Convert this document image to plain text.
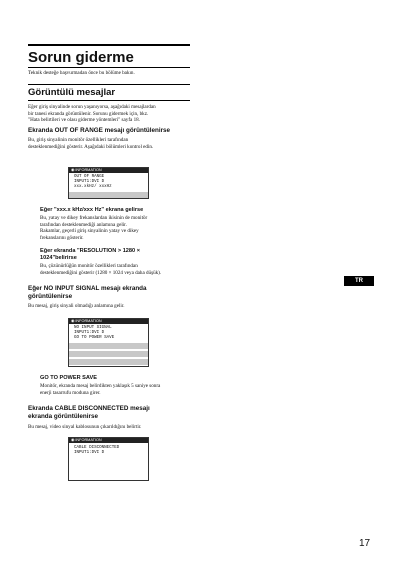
Sorun giderme

Teknik desteğe başvurmadan önce bu bölüme bakın.

Görüntülü mesajlar

Eğer giriş sinyalinde sorun yaşanıyorsa, aşağıdaki mesajlardan
bir tanesi ekranda görüntülenir. Sorunu gidermek için, bkz.
"Hata belirtileri ve olası giderme yöntemleri" sayfa 18.

Ekranda OUT OF RANGE mesajı görüntülenirse

Bu, giriş sinyalinin monitör özellikleri tarafından
desteklenmediğini gösterir. Aşağıdaki bölümleri kontrol edin.

◉ INFORMATION
OUT OF RANGE
INPUT1:DVI D
xxx.xkHz/ xxxHz
Eğer "xxx.x kHz/xxx Hz" ekrana gelirse

Bu, yatay ve dikey frekanslardan ikisinin de monitör
tarafından desteklenmediği anlamına gelir.
Rakamlar, geçerli giriş sinyalinin yatay ve dikey
frekanslarını gösterir.

Eğer ekranda "RESOLUTION > 1280 ×
1024"belirirse

Bu, çözünürlüğün monitör özellikleri tarafından
desteklenmediğini gösterir (1280 × 1024 veya daha düşük).

Eğer NO INPUT SIGNAL mesajı ekranda
görüntülenirse

Bu mesaj, giriş sinyali olmadığı anlamına gelir.

◉ INFORMATION
NO INPUT SIGNAL
INPUT1:DVI D
GO TO POWER SAVE
GO TO POWER SAVE

Monitör, ekranda mesaj belirdikten yaklaşık 5 saniye sonra
enerji tasarrufu moduna girer.

Ekranda CABLE DISCONNECTED mesajı
ekranda görüntülenirse

Bu mesaj, video sinyal kablosunun çıkarıldığını belirtir.

◉ INFORMATION
CABLE DISCONNECTED
INPUT1:DVI D
TR
17
